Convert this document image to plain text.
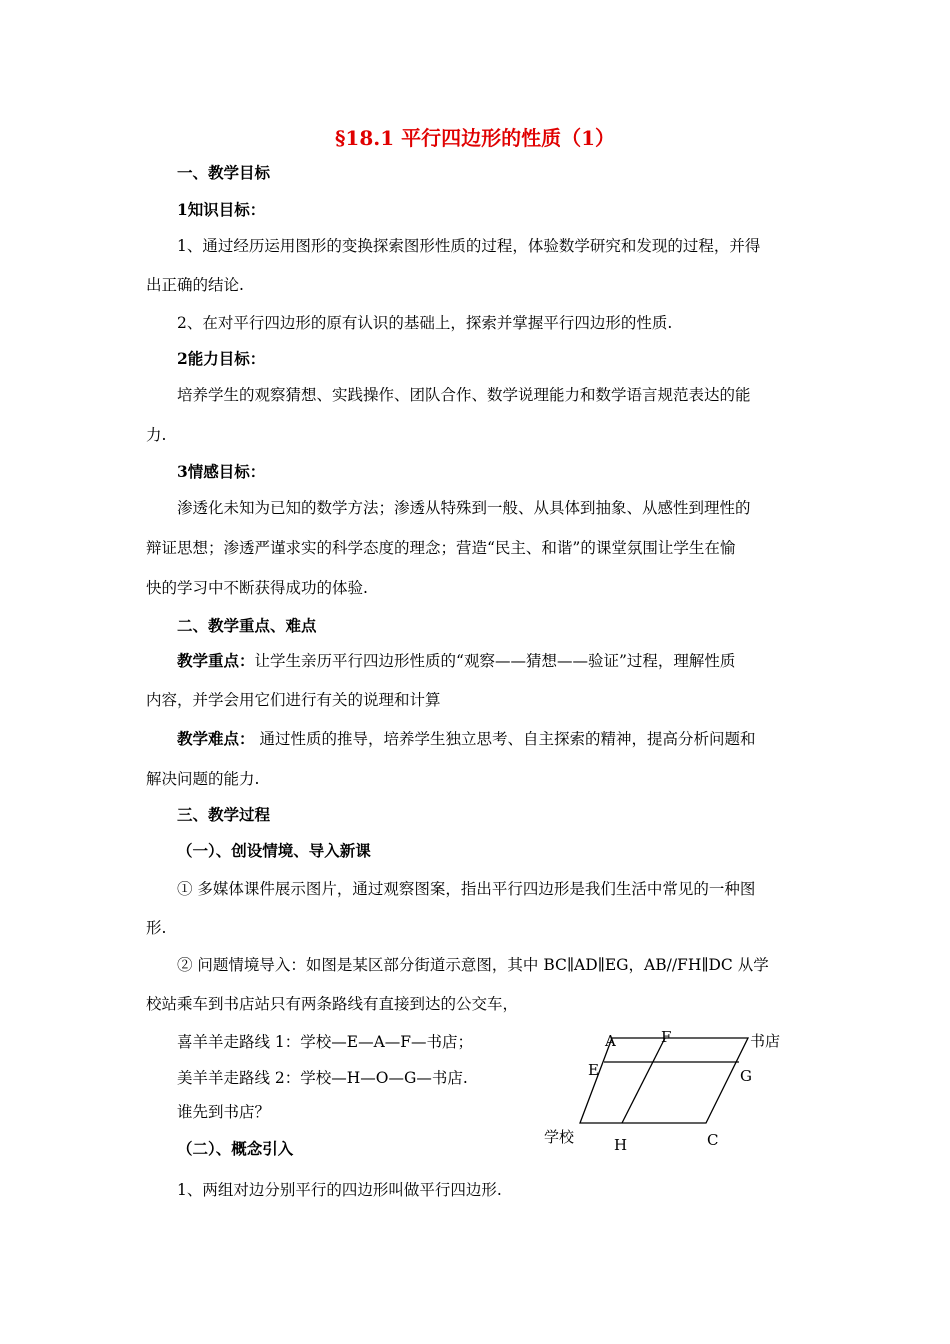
§18.1 平行四边形的性质（1）
一、教学目标
1知识目标：
1、通过经历运用图形的变换探索图形性质的过程，体验数学研究和发现的过程，并得
出正确的结论.
2、在对平行四边形的原有认识的基础上，探索并掌握平行四边形的性质.
2能力目标：
培养学生的观察猜想、实践操作、团队合作、数学说理能力和数学语言规范表达的能
力.
3情感目标：
渗透化未知为已知的数学方法；渗透从特殊到一般、从具体到抽象、从感性到理性的
辩证思想；渗透严谨求实的科学态度的理念；营造“民主、和谐”的课堂氛围让学生在愉
快的学习中不断获得成功的体验.
二、教学重点、难点
教学重点：让学生亲历平行四边形性质的“观察——猜想——验证”过程，理解性质
内容，并学会用它们进行有关的说理和计算
教学难点： 通过性质的推导，培养学生独立思考、自主探索的精神，提高分析问题和
解决问题的能力.
三、教学过程
（一）、创设情境、导入新课
① 多媒体课件展示图片，通过观察图案，指出平行四边形是我们生活中常见的一种图
形.
② 问题情境导入：如图是某区部分街道示意图，其中 BC∥AD∥EG，AB//FH∥DC 从学
校站乘车到书店站只有两条路线有直接到达的公交车，
喜羊羊走路线 1：学校—E—A—F—书店；
美羊羊走路线 2：学校—H—O—G—书店.
谁先到书店？
（二）、概念引入
1、两组对边分别平行的四边形叫做平行四边形.
A	F	书店
E	G
学校	H	C
